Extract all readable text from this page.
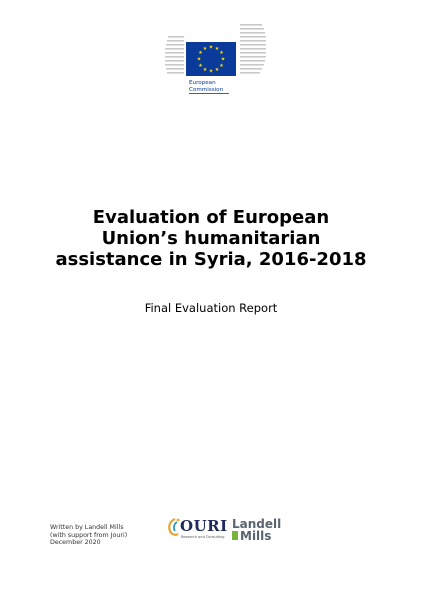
★ ★
★
★
★
★
★
★
★
★
★
★
European
Commission
Evaluation of European
Union’s humanitarian
assistance in Syria, 2016-2018
Final Evaluation Report
Written by Landell Mills
(with support from Jouri)
December 2020
OURI
Research and Consulting
Landell
Mills
